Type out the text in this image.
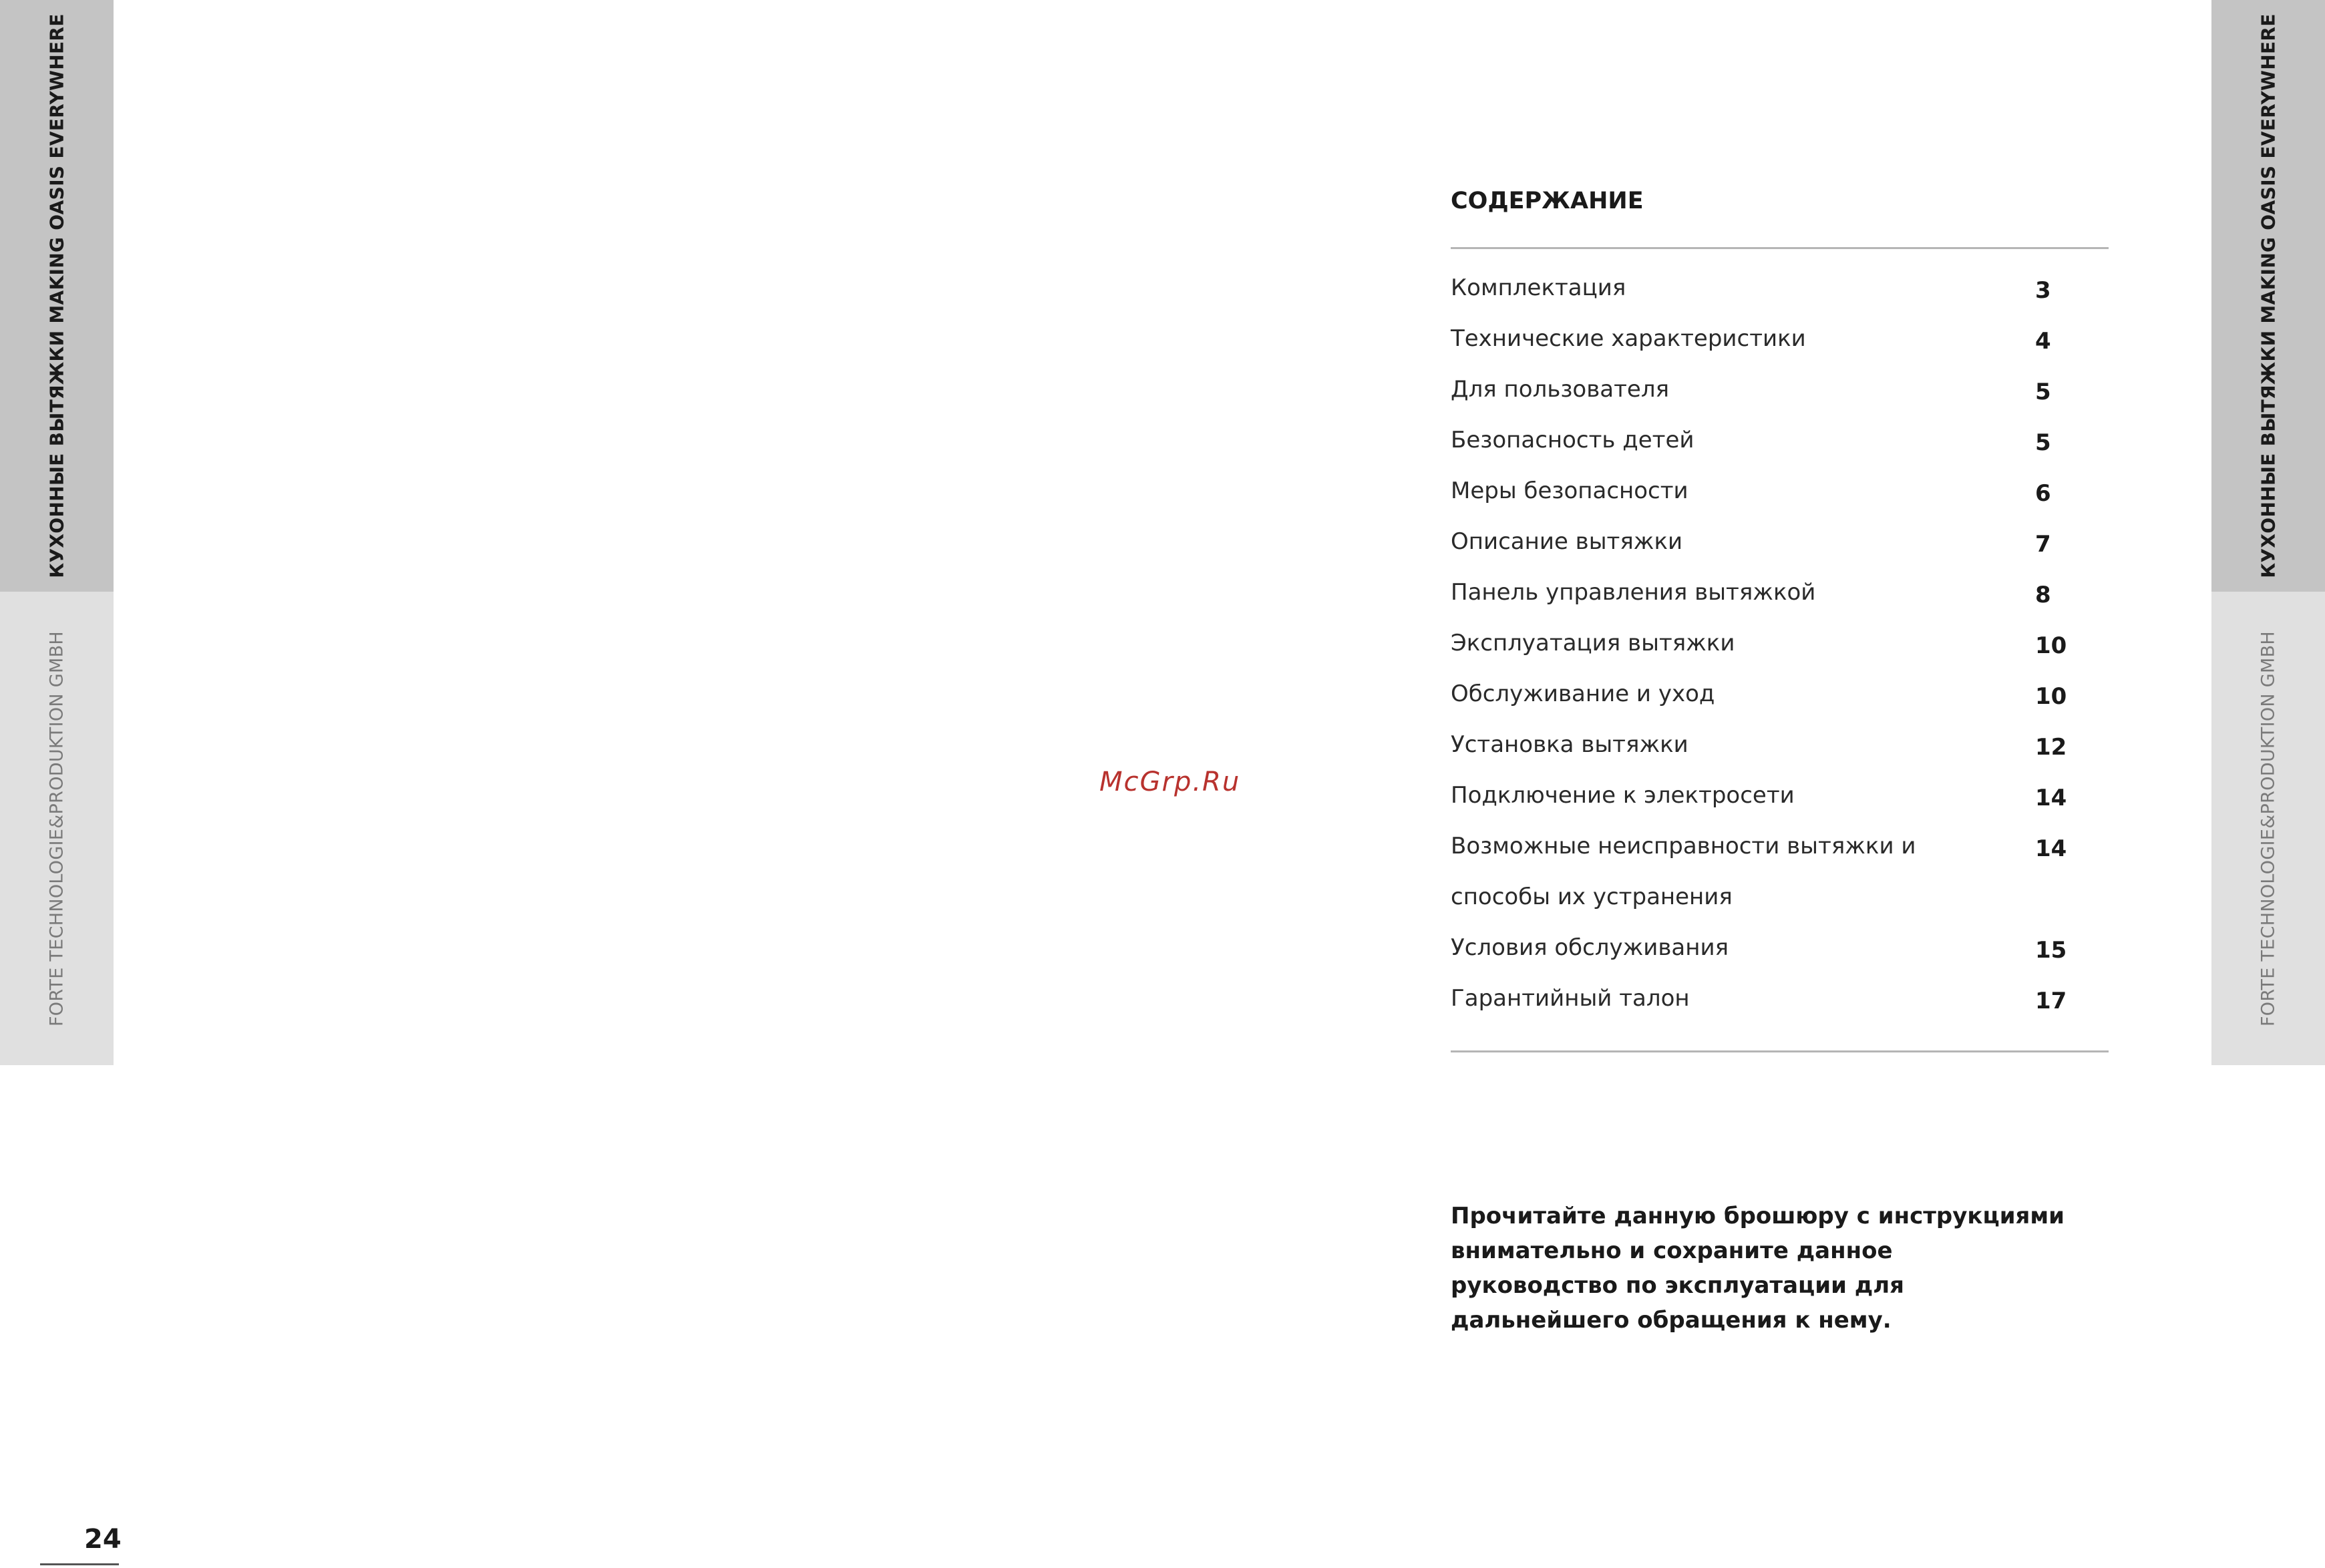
КУХОННЫЕ ВЫТЯЖКИ MAKING OASIS EVERYWHERE
FORTE TECHNOLOGIE&PRODUKTION GMBH
КУХОННЫЕ ВЫТЯЖКИ MAKING OASIS EVERYWHERE
FORTE TECHNOLOGIE&PRODUKTION GMBH
McGrp.Ru
СОДЕРЖАНИЕ
Комплектация	3
Технические характеристики	4
Для пользователя	5
Безопасность детей	5
Меры безопасности	6
Описание вытяжки	7
Панель управления вытяжкой	8
Эксплуатация вытяжки	10
Обслуживание и уход	10
Установка вытяжки	12
Подключение к электросети	14
Возможные неисправности вытяжки и	14
способы их устранения
Условия обслуживания	15
Гарантийный талон	17
Прочитайте данную брошюру с инструкциями
внимательно и сохраните данное
руководство по эксплуатации для
дальнейшего обращения к нему.
24
